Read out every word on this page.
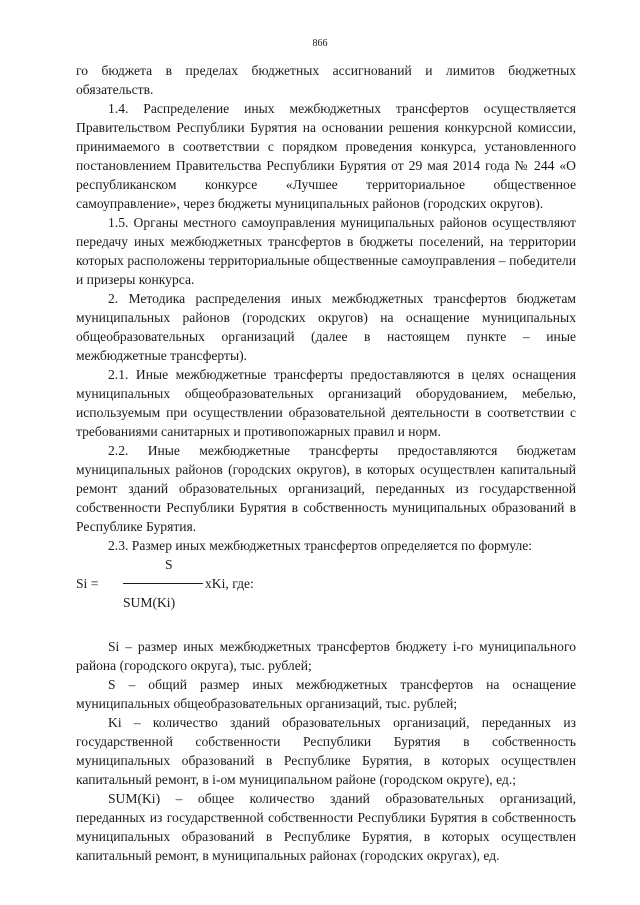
866

го бюджета в пределах бюджетных ассигнований и лимитов бюджетных обязательств.

1.4. Распределение иных межбюджетных трансфертов осуществляется Правительством Республики Бурятия на основании решения конкурсной комиссии, принимаемого в соответствии с порядком проведения конкурса, установленного постановлением Правительства Республики Бурятия от 29 мая 2014 года № 244 «О республиканском конкурсе «Лучшее территориальное общественное самоуправление», через бюджеты муниципальных районов (городских округов).

1.5. Органы местного самоуправления муниципальных районов осуществляют передачу иных межбюджетных трансфертов в бюджеты поселений, на территории которых расположены территориальные общественные самоуправления – победители и призеры конкурса.

2. Методика распределения иных межбюджетных трансфертов бюджетам муниципальных районов (городских округов) на оснащение муниципальных общеобразовательных организаций (далее в настоящем пункте – иные межбюджетные трансферты).

2.1. Иные межбюджетные трансферты предоставляются в целях оснащения муниципальных общеобразовательных организаций оборудованием, мебелью, используемым при осуществлении образовательной деятельности в соответствии с требованиями санитарных и противопожарных правил и норм.

2.2. Иные межбюджетные трансферты предоставляются бюджетам муниципальных районов (городских округов), в которых осуществлен капитальный ремонт зданий образовательных организаций, переданных из государственной собственности Республики Бурятия в собственность муниципальных образований в Республике Бурятия.

2.3. Размер иных межбюджетных трансфертов определяется по формуле:

S
Si =	хKi, где:
SUM(Ki)

Si – размер иных межбюджетных трансфертов бюджету i-го муниципального района (городского округа), тыс. рублей;

S – общий размер иных межбюджетных трансфертов на оснащение муниципальных общеобразовательных организаций, тыс. рублей;

Ki – количество зданий образовательных организаций, переданных из государственной собственности Республики Бурятия в собственность муниципальных образований в Республике Бурятия, в которых осуществлен капитальный ремонт, в i-ом муниципальном районе (городском округе), ед.;

SUM(Ki) – общее количество зданий образовательных организаций, переданных из государственной собственности Республики Бурятия в собственность муниципальных образований в Республике Бурятия, в которых осуществлен капитальный ремонт, в муниципальных районах (городских округах), ед.
